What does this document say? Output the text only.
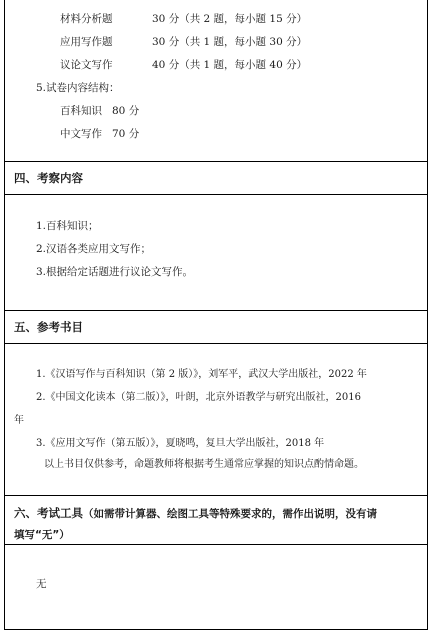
材料分析题	30 分（共 2 题，每小题 15 分）
应用写作题	30 分（共 1 题，每小题 30 分）
议论文写作	40 分（共 1 题，每小题 40 分）
5.试卷内容结构：
百科知识 80 分
中文写作 70 分
四、考察内容
1.百科知识；
2.汉语各类应用文写作；
3.根据给定话题进行议论文写作。
五、参考书目
1.《汉语写作与百科知识（第 2 版）》，刘军平，武汉大学出版社，2022 年
2.《中国文化读本（第二版）》，叶朗，北京外语教学与研究出版社，2016
年
3.《应用文写作（第五版）》，夏晓鸣，复旦大学出版社，2018 年
以上书目仅供参考，命题教师将根据考生通常应掌握的知识点酌情命题。
六、考试工具（如需带计算器、绘图工具等特殊要求的，需作出说明，没有请
填写“无”）
无
